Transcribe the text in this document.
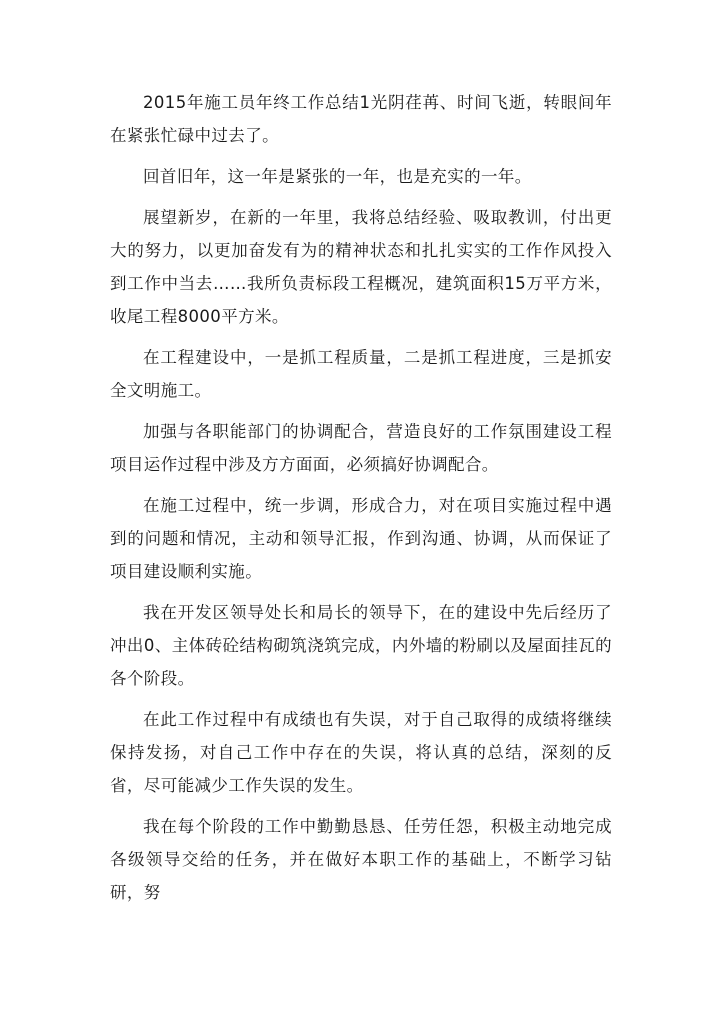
2015年施工员年终工作总结1光阴荏苒、时间飞逝，转眼间年在紧张忙碌中过去了。

回首旧年，这一年是紧张的一年，也是充实的一年。

展望新岁，在新的一年里，我将总结经验、吸取教训，付出更大的努力，以更加奋发有为的精神状态和扎扎实实的工作作风投入到工作中当去……我所负责标段工程概况，建筑面积15万平方米，收尾工程8000平方米。

在工程建设中，一是抓工程质量，二是抓工程进度，三是抓安全文明施工。

加强与各职能部门的协调配合，营造良好的工作氛围建设工程项目运作过程中涉及方方面面，必须搞好协调配合。

在施工过程中，统一步调，形成合力，对在项目实施过程中遇到的问题和情况，主动和领导汇报，作到沟通、协调，从而保证了项目建设顺利实施。

我在开发区领导处长和局长的领导下，在的建设中先后经历了冲出0、主体砖砼结构砌筑浇筑完成，内外墙的粉刷以及屋面挂瓦的各个阶段。

在此工作过程中有成绩也有失误，对于自己取得的成绩将继续保持发扬，对自己工作中存在的失误，将认真的总结，深刻的反省，尽可能减少工作失误的发生。

我在每个阶段的工作中勤勤恳恳、任劳任怨，积极主动地完成各级领导交给的任务，并在做好本职工作的基础上，不断学习钻研，努
